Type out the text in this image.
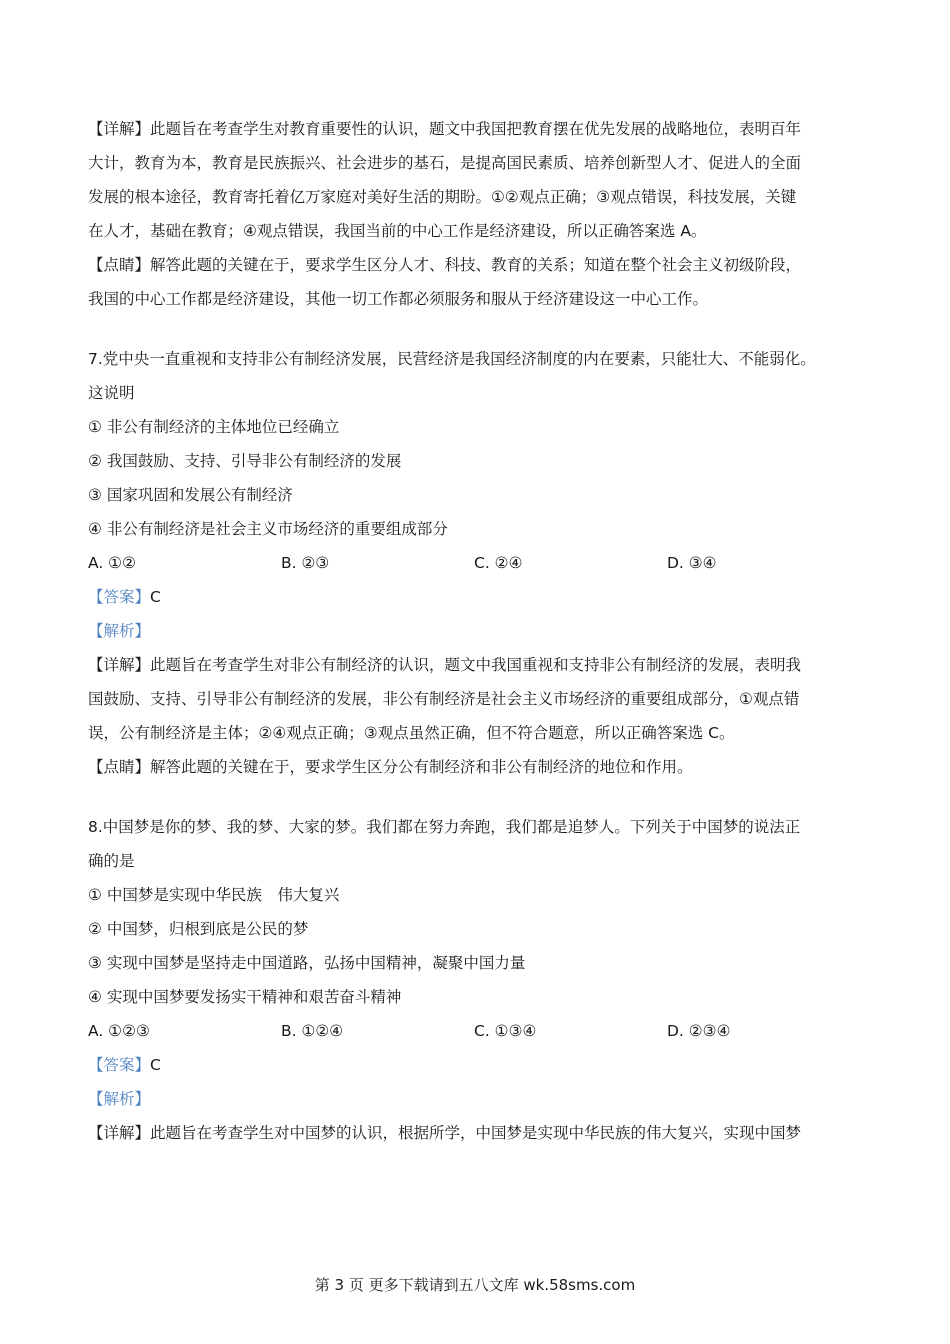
【详解】此题旨在考查学生对教育重要性的认识，题文中我国把教育摆在优先发展的战略地位，表明百年

大计，教育为本，教育是民族振兴、社会进步的基石，是提高国民素质、培养创新型人才、促进人的全面

发展的根本途径，教育寄托着亿万家庭对美好生活的期盼。①②观点正确；③观点错误，科技发展，关键

在人才，基础在教育；④观点错误，我国当前的中心工作是经济建设，所以正确答案选 A。

【点睛】解答此题的关键在于，要求学生区分人才、科技、教育的关系；知道在整个社会主义初级阶段，

我国的中心工作都是经济建设，其他一切工作都必须服务和服从于经济建设这一中心工作。

7.党中央一直重视和支持非公有制经济发展，民营经济是我国经济制度的内在要素，只能壮大、不能弱化。

这说明

① 非公有制经济的主体地位已经确立

② 我国鼓励、支持、引导非公有制经济的发展

③ 国家巩固和发展公有制经济

④ 非公有制经济是社会主义市场经济的重要组成部分

A. ①②	B. ②③	C. ②④	D. ③④

【答案】C

【解析】

【详解】此题旨在考查学生对非公有制经济的认识，题文中我国重视和支持非公有制经济的发展，表明我

国鼓励、支持、引导非公有制经济的发展，非公有制经济是社会主义市场经济的重要组成部分，①观点错

误，公有制经济是主体；②④观点正确；③观点虽然正确，但不符合题意，所以正确答案选 C。

【点睛】解答此题的关键在于，要求学生区分公有制经济和非公有制经济的地位和作用。

8.中国梦是你的梦、我的梦、大家的梦。我们都在努力奔跑，我们都是追梦人。下列关于中国梦的说法正

确的是

① 中国梦是实现中华民族　伟大复兴

② 中国梦，归根到底是公民的梦

③ 实现中国梦是坚持走中国道路，弘扬中国精神，凝聚中国力量

④ 实现中国梦要发扬实干精神和艰苦奋斗精神

A. ①②③	B. ①②④	C. ①③④	D. ②③④

【答案】C

【解析】

【详解】此题旨在考查学生对中国梦的认识，根据所学，中国梦是实现中华民族的伟大复兴，实现中国梦

第 3 页 更多下载请到五八文库 wk.58sms.com
